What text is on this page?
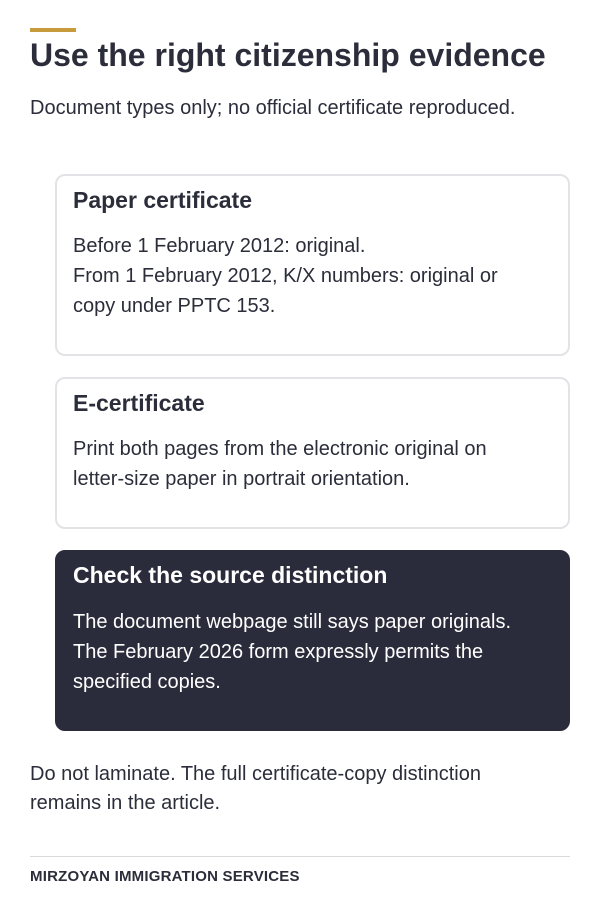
Use the right citizenship evidence

Document types only; no official certificate reproduced.

Paper certificate

Before 1 February 2012: original.
From 1 February 2012, K/X numbers: original or
copy under PPTC 153.

E-certificate

Print both pages from the electronic original on
letter-size paper in portrait orientation.

Check the source distinction

The document webpage still says paper originals.
The February 2026 form expressly permits the
specified copies.

Do not laminate. The full certificate-copy distinction
remains in the article.

MIRZOYAN IMMIGRATION SERVICES
